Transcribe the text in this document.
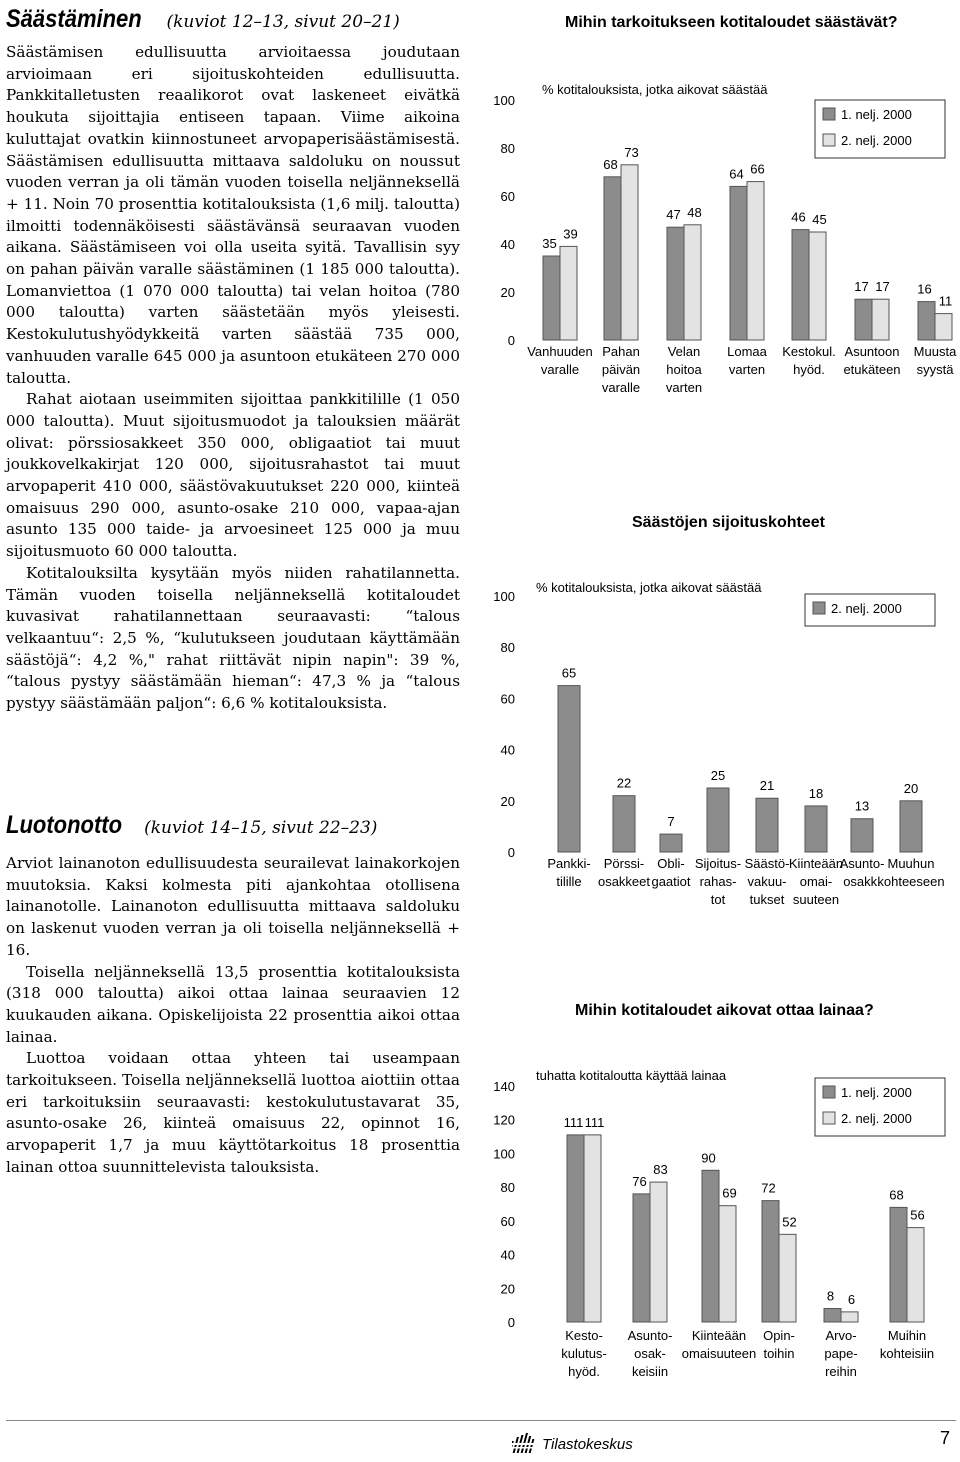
Säästäminen (kuviot 12–13, sivut 20–21)

Säästämisen edullisuutta arvioitaessa joudutaan arvioimaan eri sijoituskohteiden edullisuutta. Pankkitalletusten reaalikorot ovat laskeneet eivätkä houkuta sijoittajia entiseen tapaan. Viime aikoina kuluttajat ovatkin kiinnostuneet arvopaperisäästämisestä. Säästämisen edullisuutta mittaava saldoluku on noussut vuoden verran ja oli tämän vuoden toisella neljänneksellä + 11. Noin 70 prosenttia kotitalouksista (1,6 milj. taloutta) ilmoitti todennäköisesti säästävänsä seuraavan vuoden aikana. Säästämiseen voi olla useita syitä. Tavallisin syy on pahan päivän varalle säästäminen (1 185 000 taloutta). Lomanviettoa (1 070 000 taloutta) tai velan hoitoa (780 000 taloutta) varten säästetään myös yleisesti. Kestokulutushyödykkeitä varten säästää 735 000, vanhuuden varalle 645 000 ja asuntoon etukäteen 270 000 taloutta.

Rahat aiotaan useimmiten sijoittaa pankkitilille (1 050 000 taloutta). Muut sijoitusmuodot ja talouksien määrät olivat: pörssiosakkeet 350 000, obligaatiot tai muut joukkovelkakirjat 120 000, sijoitusrahastot tai muut arvopaperit 410 000, säästövakuutukset 220 000, kiinteä omaisuus 290 000, asunto-osake 210 000, vapaa-ajan asunto 135 000 taide- ja arvoesineet 125 000 ja muu sijoitusmuoto 60 000 taloutta.

Kotitalouksilta kysytään myös niiden rahatilannetta. Tämän vuoden toisella neljänneksellä kotitaloudet kuvasivat rahatilannettaan seuraavasti: “talous velkaantuu“: 2,5 %, “kulutukseen joudutaan käyttämään säästöjä“: 4,2 %," rahat riittävät nipin napin": 39 %, “talous pystyy säästämään hieman“: 47,3 % ja “talous pystyy säästämään paljon“: 6,6 % kotitalouksista.

Luotonotto (kuviot 14–15, sivut 22–23)

Arviot lainanoton edullisuudesta seurailevat lainakorkojen muutoksia. Kaksi kolmesta piti ajankohtaa otollisena lainanotolle. Lainanoton edullisuutta mittaava saldoluku on laskenut vuoden verran ja oli toisella neljänneksellä + 16.

Toisella neljänneksellä 13,5 prosenttia kotitalouksista (318 000 taloutta) aikoi ottaa lainaa seuraavien 12 kuukauden aikana. Opiskelijoista 22 prosenttia aikoi ottaa lainaa.

Luottoa voidaan ottaa yhteen tai useampaan tarkoitukseen. Toisella neljänneksellä luottoa aiottiin ottaa eri tarkoituksiin seuraavasti: kestokulutustavarat 35, asunto-osake 26, kiinteä omaisuus 22, opinnot 16, arvopaperit 1,7 ja muu käyttötarkoitus 18 prosenttia lainan ottoa suunnittelevista talouksista.

Mihin tarkoitukseen kotitaloudet säästävät?
0
20
40
60
80
100
% kotitalouksista, jotka aikovat säästää
1. nelj. 2000
2. nelj. 2000
35
39
Vanhuuden varalle
68
73
Pahan päivän varalle
47 48
Velan hoitoa varten
64 66
Lomaa varten
46 45
Kestokul. hyöd.
17 17
Asuntoon etukäteen
16
11
Muusta syystä
Säästöjen sijoituskohteet
0
20
40
60
80
100
% kotitalouksista, jotka aikovat säästää
2. nelj. 2000
65
Pankki-tilille
22
Pörssi-osakkeet
7
Obli-gaatiot
25
Sijoitus-rahas-tot
21
Säästö-vakuu-tukset
18
Kiinteään omai-suuteen
13
Asunto-osakk.
20
Muuhun kohteeseen
Mihin kotitaloudet aikovat ottaa lainaa?
0
20
40
60
80
100
120
140
tuhatta kotitaloutta käyttää lainaa
1. nelj. 2000
2. nelj. 2000
111 111
Kesto-kulutus-hyöd.
76
83
Asunto-osak-keisiin
90
69
Kiinteään omaisuuteen
72
52
Opin-toihin
8 6
Arvo-pape-reihin
68
56
Muihin kohteisiin
Tilastokeskus	7
